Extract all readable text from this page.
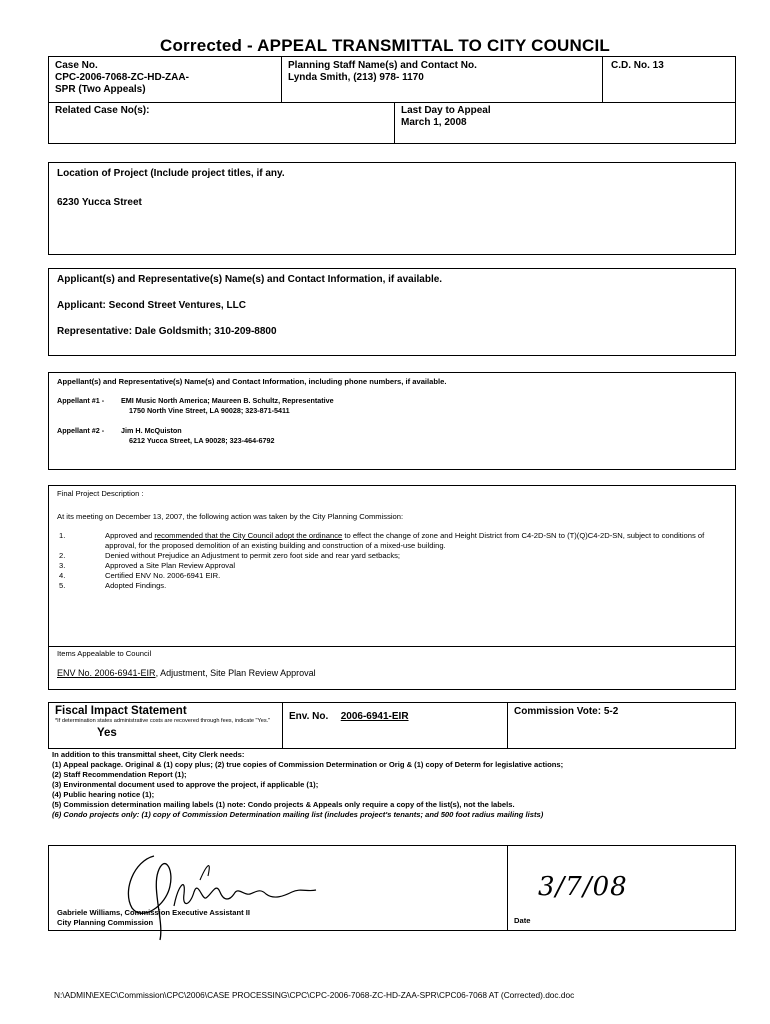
Corrected - APPEAL TRANSMITTAL TO CITY COUNCIL
Case No.
CPC-2006-7068-ZC-HD-ZAA-
SPR (Two Appeals)
Planning Staff Name(s) and Contact No.
Lynda Smith, (213) 978- 1170
C.D. No. 13
Related Case No(s):	Last Day to Appeal
March 1, 2008
Location of Project (Include project titles, if any.
6230 Yucca Street
Applicant(s) and Representative(s) Name(s) and Contact Information, if available.
Applicant: Second Street Ventures, LLC
Representative: Dale Goldsmith; 310-209-8800
Appellant(s) and Representative(s) Name(s) and Contact Information, including phone numbers, if available.
Appellant #1 - EMI Music North America; Maureen B. Schultz, Representative
1750 North Vine Street, LA 90028; 323-871-5411
Appellant #2 - Jim H. McQuiston
6212 Yucca Street, LA 90028; 323-464-6792
Final Project Description :
At its meeting on December 13, 2007, the following action was taken by the City Planning Commission:
1.	Approved and recommended that the City Council adopt the ordinance to effect the change of zone and Height District from C4-2D-SN to (T)(Q)C4-2D-SN, subject to conditions of approval, for the proposed demolition of an existing building and construction of a mixed-use building.
2.	Denied without Prejudice an Adjustment to permit zero foot side and rear yard setbacks;
3.	Approved a Site Plan Review Approval
4.	Certified ENV No. 2006-6941 EIR.
5.	Adopted Findings.
Items Appealable to Council
ENV No. 2006-6941-EIR, Adjustment, Site Plan Review Approval
Fiscal Impact Statement
*If determination states administrative costs are recovered through fees, indicate "Yes."
Yes
Env. No. 2006-6941-EIR	Commission Vote: 5-2
In addition to this transmittal sheet, City Clerk needs:
(1) Appeal package. Original & (1) copy plus; (2) true copies of Commission Determination or Orig & (1) copy of Determ for legislative actions;
(2) Staff Recommendation Report (1);
(3) Environmental document used to approve the project, if applicable (1);
(4) Public hearing notice (1);
(5) Commission determination mailing labels (1) note: Condo projects & Appeals only require a copy of the list(s), not the labels.
(6) Condo projects only: (1) copy of Commission Determination mailing list (includes project's tenants; and 500 foot radius mailing lists)
Gabriele Williams, Commission Executive Assistant II
City Planning Commission
3/7/08
Date
N:\ADMIN\EXEC\Commission\CPC\2006\CASE PROCESSING\CPC\CPC-2006-7068-ZC-HD-ZAA-SPR\CPC06-7068 AT (Corrected).doc.doc
